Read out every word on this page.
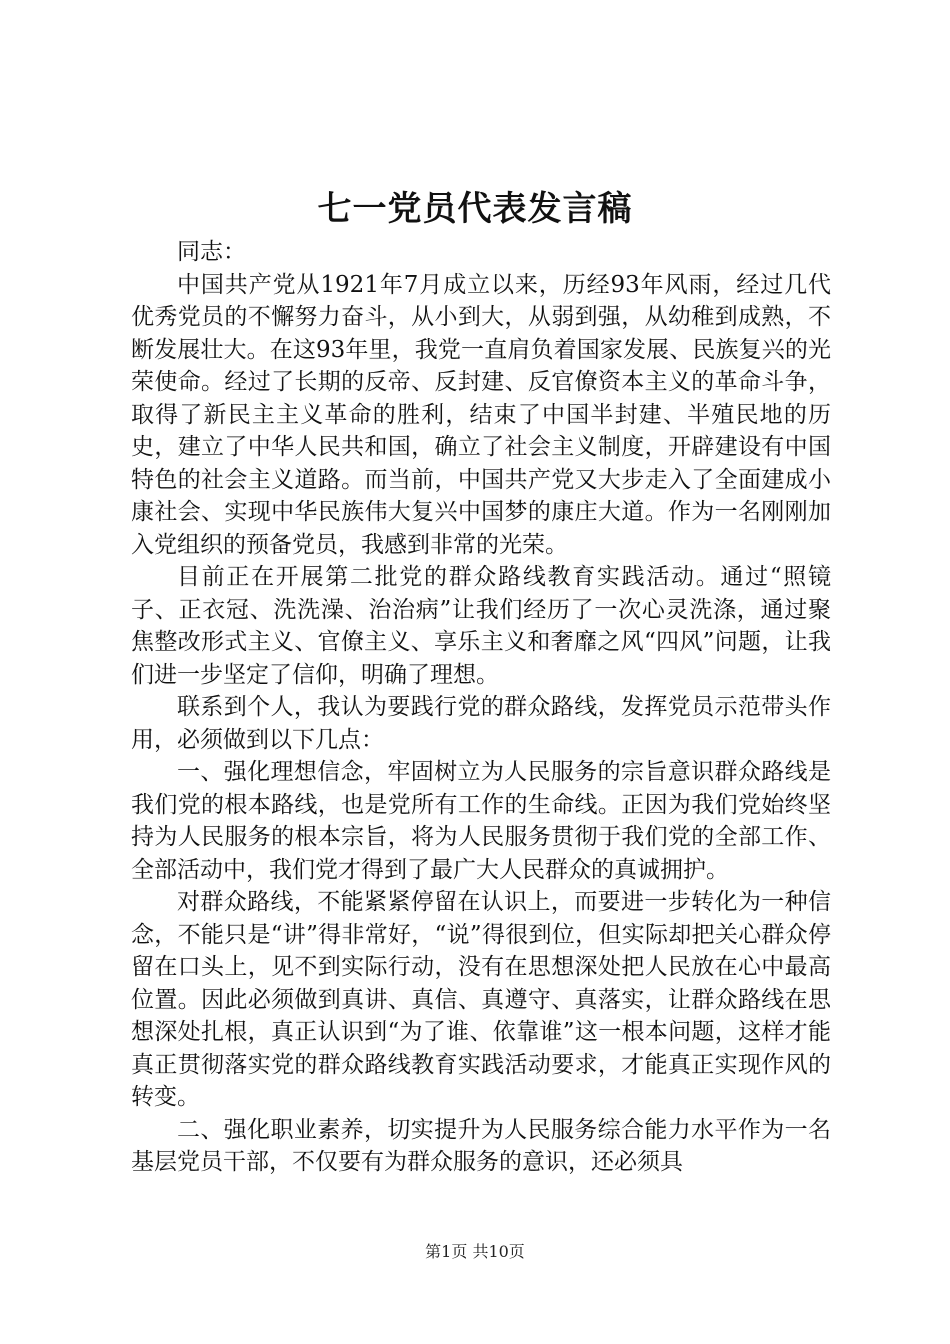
七一党员代表发言稿

同志：

中国共产党从1921年7月成立以来，历经93年风雨，经过几代优秀党员的不懈努力奋斗，从小到大，从弱到强，从幼稚到成熟，不断发展壮大。在这93年里，我党一直肩负着国家发展、民族复兴的光荣使命。经过了长期的反帝、反封建、反官僚资本主义的革命斗争，取得了新民主主义革命的胜利，结束了中国半封建、半殖民地的历史，建立了中华人民共和国，确立了社会主义制度，开辟建设有中国特色的社会主义道路。而当前，中国共产党又大步走入了全面建成小康社会、实现中华民族伟大复兴中国梦的康庄大道。作为一名刚刚加入党组织的预备党员，我感到非常的光荣。

目前正在开展第二批党的群众路线教育实践活动。通过“照镜子、正衣冠、洗洗澡、治治病”让我们经历了一次心灵洗涤，通过聚焦整改形式主义、官僚主义、享乐主义和奢靡之风“四风”问题，让我们进一步坚定了信仰，明确了理想。

联系到个人，我认为要践行党的群众路线，发挥党员示范带头作用，必须做到以下几点：

一、强化理想信念，牢固树立为人民服务的宗旨意识群众路线是我们党的根本路线，也是党所有工作的生命线。正因为我们党始终坚持为人民服务的根本宗旨，将为人民服务贯彻于我们党的全部工作、全部活动中，我们党才得到了最广大人民群众的真诚拥护。

对群众路线，不能紧紧停留在认识上，而要进一步转化为一种信念，不能只是“讲”得非常好，“说”得很到位，但实际却把关心群众停留在口头上，见不到实际行动，没有在思想深处把人民放在心中最高位置。因此必须做到真讲、真信、真遵守、真落实，让群众路线在思想深处扎根，真正认识到“为了谁、依靠谁”这一根本问题，这样才能真正贯彻落实党的群众路线教育实践活动要求，才能真正实现作风的转变。

二、强化职业素养，切实提升为人民服务综合能力水平作为一名基层党员干部，不仅要有为群众服务的意识，还必须具

第1页 共10页
